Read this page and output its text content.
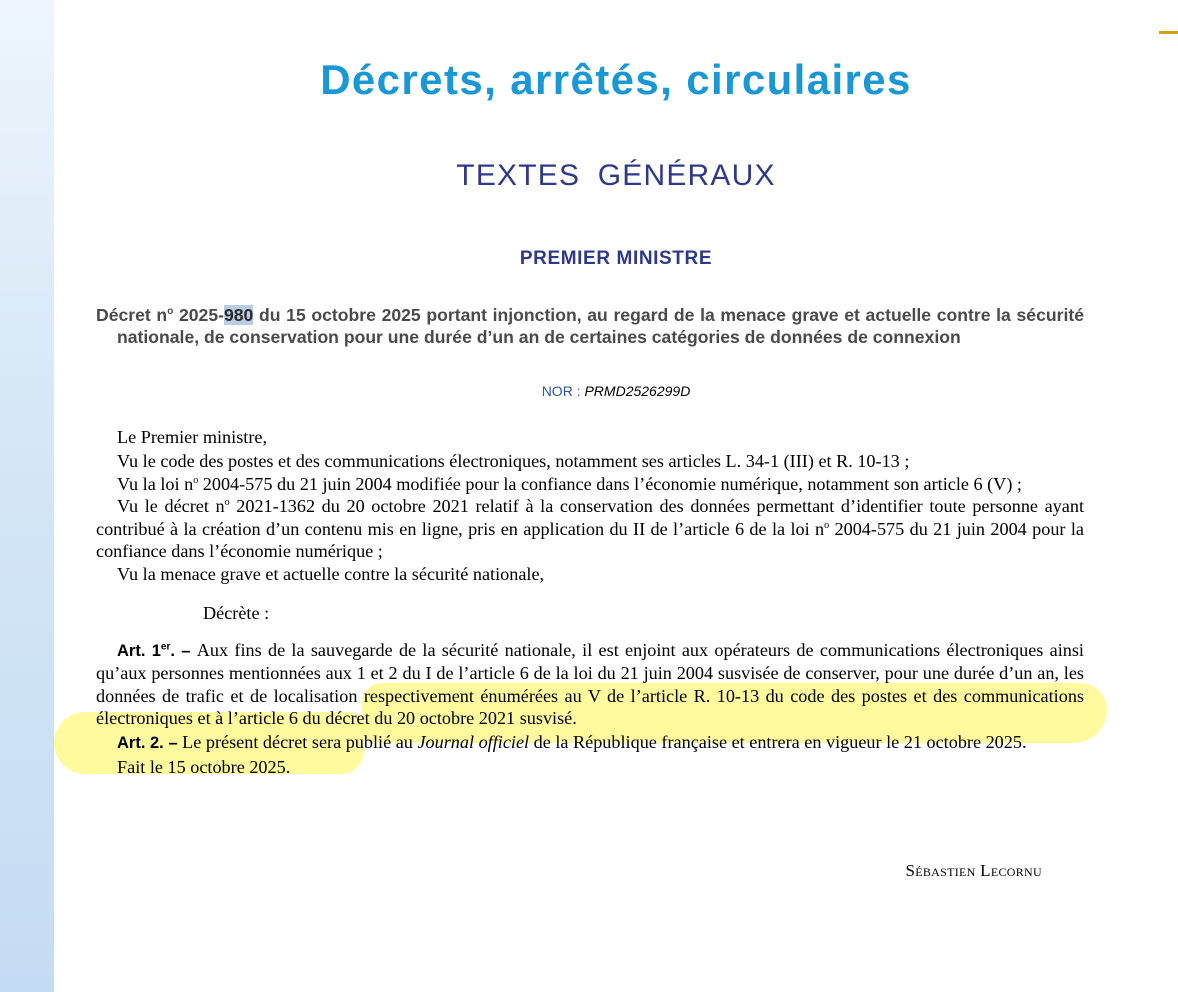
Décrets, arrêtés, circulaires
TEXTES GÉNÉRAUX
PREMIER MINISTRE
Décret $n^o$ 2025-980 du 15 octobre 2025 portant injonction, au regard de la menace grave et actuelle contre la sécurité nationale, de conservation pour une durée d’un an de certaines catégories de données de connexion
NOR : PRMD2526299D

Le Premier ministre,

Vu le code des postes et des communications électroniques, notamment ses articles L. 34-1 (III) et R. 10-13 ;

Vu la loi $n^o$ 2004-575 du 21 juin 2004 modifiée pour la confiance dans l’économie numérique, notamment son article 6 (V) ;

Vu le décret $n^o$ 2021-1362 du 20 octobre 2021 relatif à la conservation des données permettant d’identifier toute personne ayant contribué à la création d’un contenu mis en ligne, pris en application du II de l’article 6 de la loi $n^o$ 2004-575 du 21 juin 2004 pour la confiance dans l’économie numérique ;

Vu la menace grave et actuelle contre la sécurité nationale,

Décrète :

Art. 1er. – Aux fins de la sauvegarde de la sécurité nationale, il est enjoint aux opérateurs de communications électroniques ainsi qu’aux personnes mentionnées aux 1 et 2 du I de l’article 6 de la loi du 21 juin 2004 susvisée de conserver, pour une durée d’un an, les données de trafic et de localisation respectivement énumérées au V de l’article R. 10-13 du code des postes et des communications électroniques et à l’article 6 du décret du 20 octobre 2021 susvisé.

Art. 2. – Le présent décret sera publié au Journal officiel de la République française et entrera en vigueur le 21 octobre 2025.

Fait le 15 octobre 2025.

Sébastien Lecornu
